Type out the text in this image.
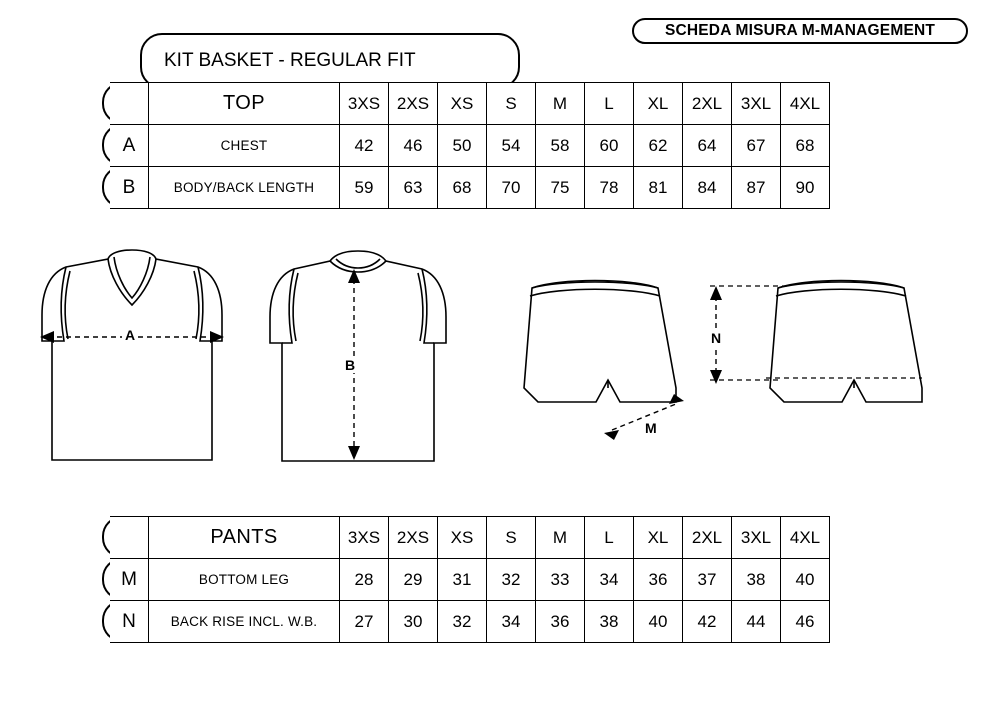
SCHEDA MISURA M-MANAGEMENT
KIT BASKET - REGULAR FIT
	TOP	3XS	2XS	XS	S	M	L	XL	2XL	3XL	4XL
A	CHEST	42	46	50	54	58	60	62	64	67	68
B	BODY/BACK LENGTH	59	63	68	70	75	78	81	84	87	90
A
B
M
N
	PANTS	3XS	2XS	XS	S	M	L	XL	2XL	3XL	4XL
M	BOTTOM LEG	28	29	31	32	33	34	36	37	38	40
N	BACK RISE INCL. W.B.	27	30	32	34	36	38	40	42	44	46
